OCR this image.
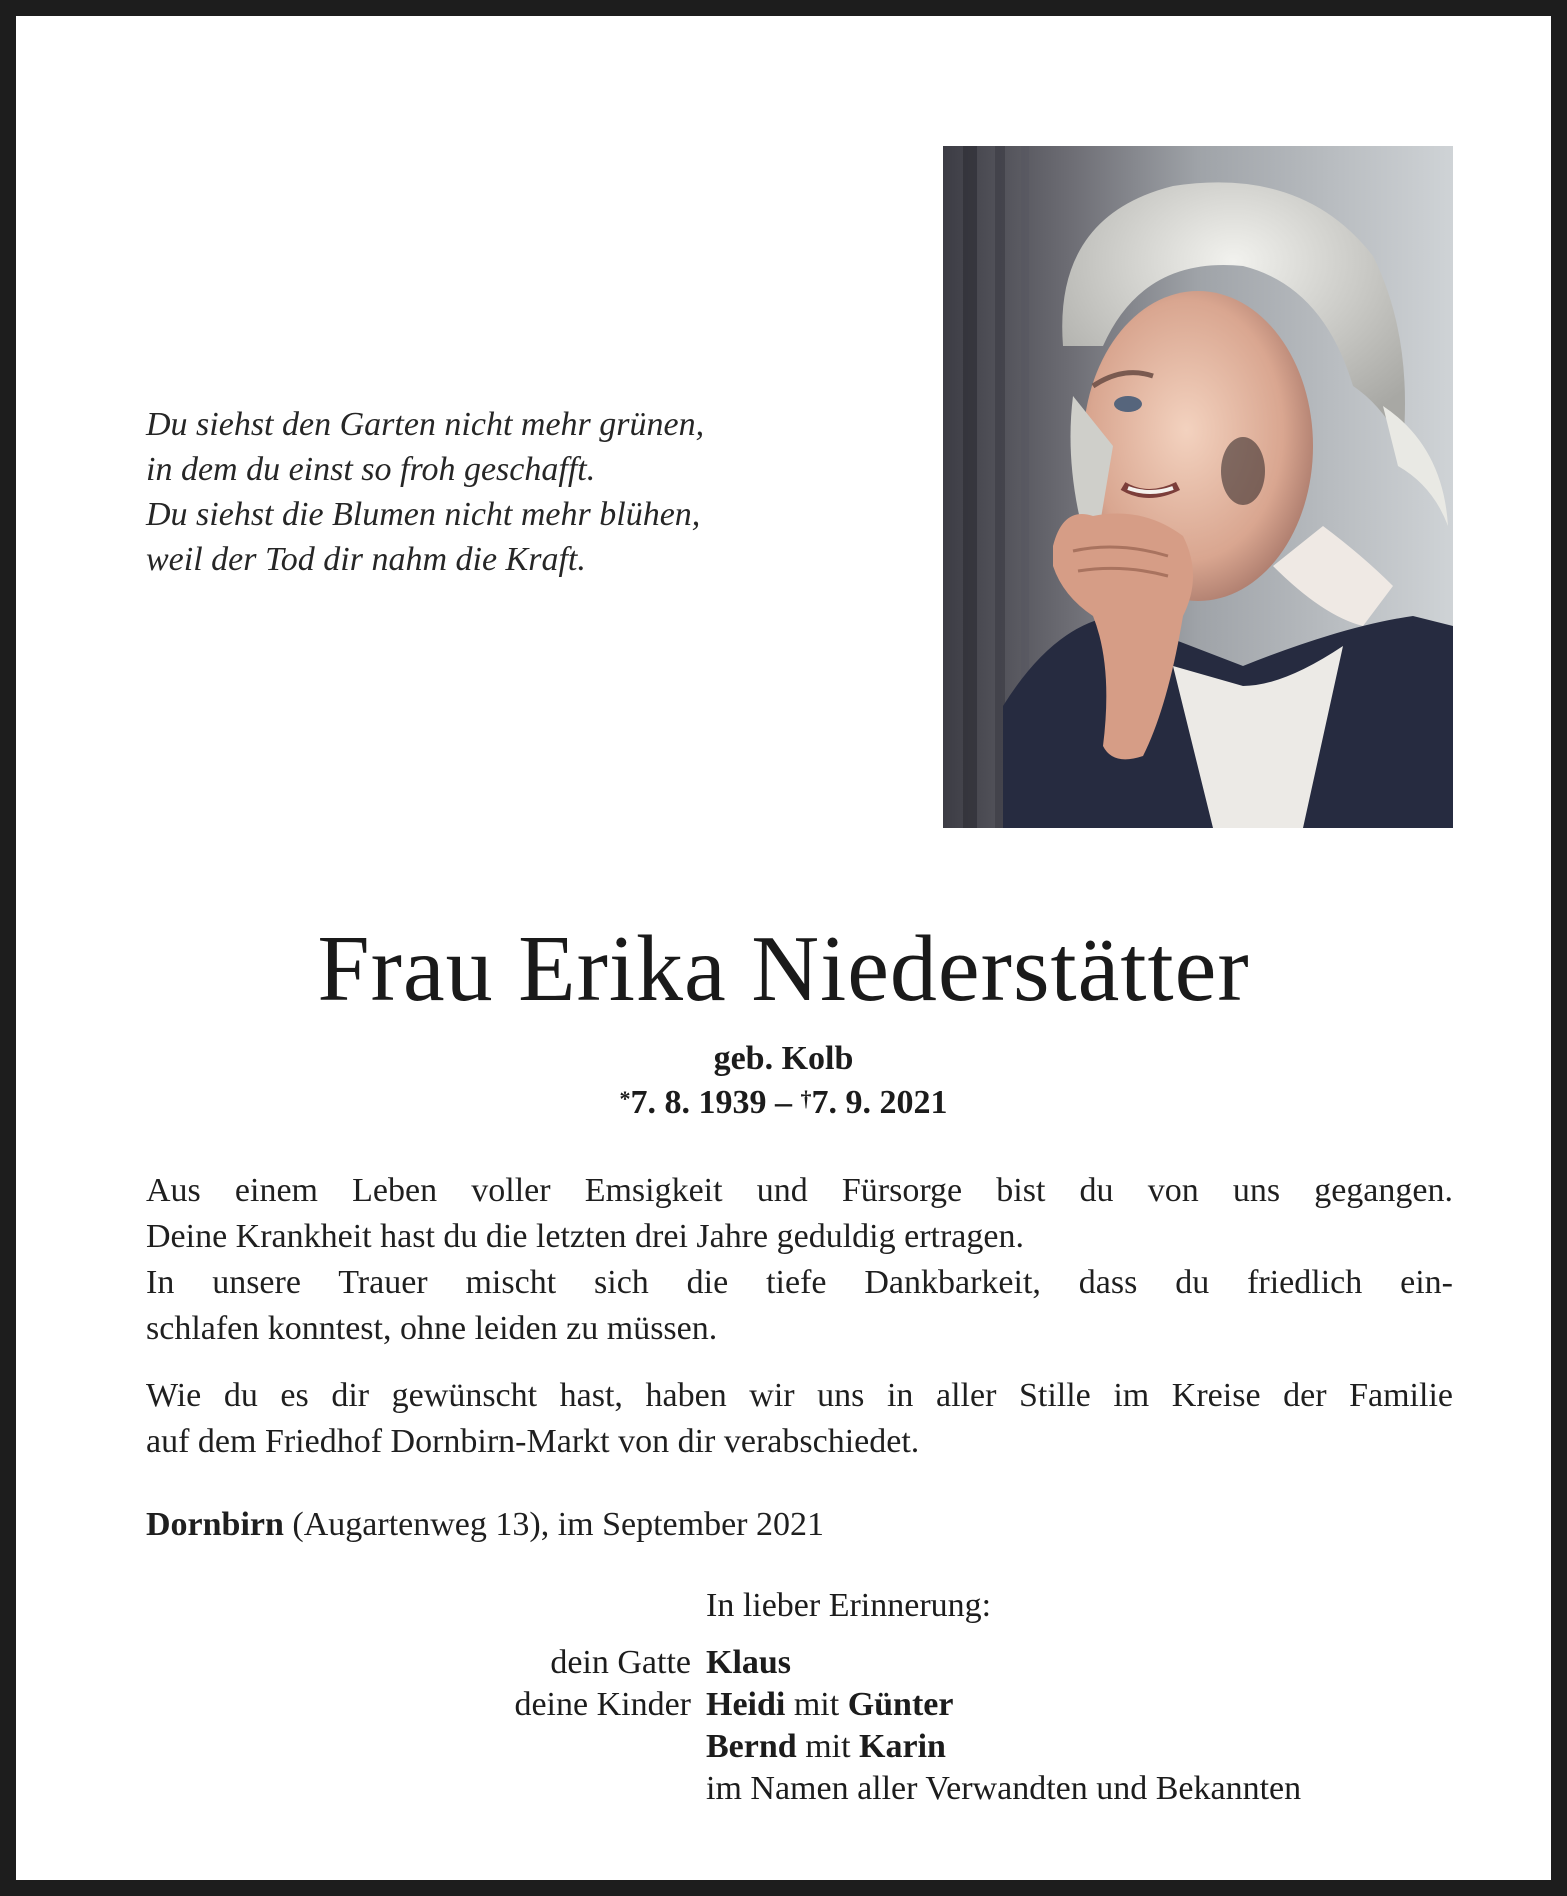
Du siehst den Garten nicht mehr grünen,
in dem du einst so froh geschafft.
Du siehst die Blumen nicht mehr blühen,
weil der Tod dir nahm die Kraft.
Frau Erika Niederstätter
geb. Kolb
*7. 8. 1939 – †7. 9. 2021
Aus einem Leben voller Emsigkeit und Fürsorge bist du von uns gegangen.
Deine Krankheit hast du die letzten drei Jahre geduldig ertragen.
In unsere Trauer mischt sich die tiefe Dankbarkeit, dass du friedlich ein-
schlafen konntest, ohne leiden zu müssen.
Wie du es dir gewünscht hast, haben wir uns in aller Stille im Kreise der Familie
auf dem Friedhof Dornbirn-Markt von dir verabschiedet.
Dornbirn (Augartenweg 13), im September 2021
In lieber Erinnerung:
dein Gatte Klaus
deine Kinder Heidi mit Günter
Bernd mit Karin
im Namen aller Verwandten und Bekannten
